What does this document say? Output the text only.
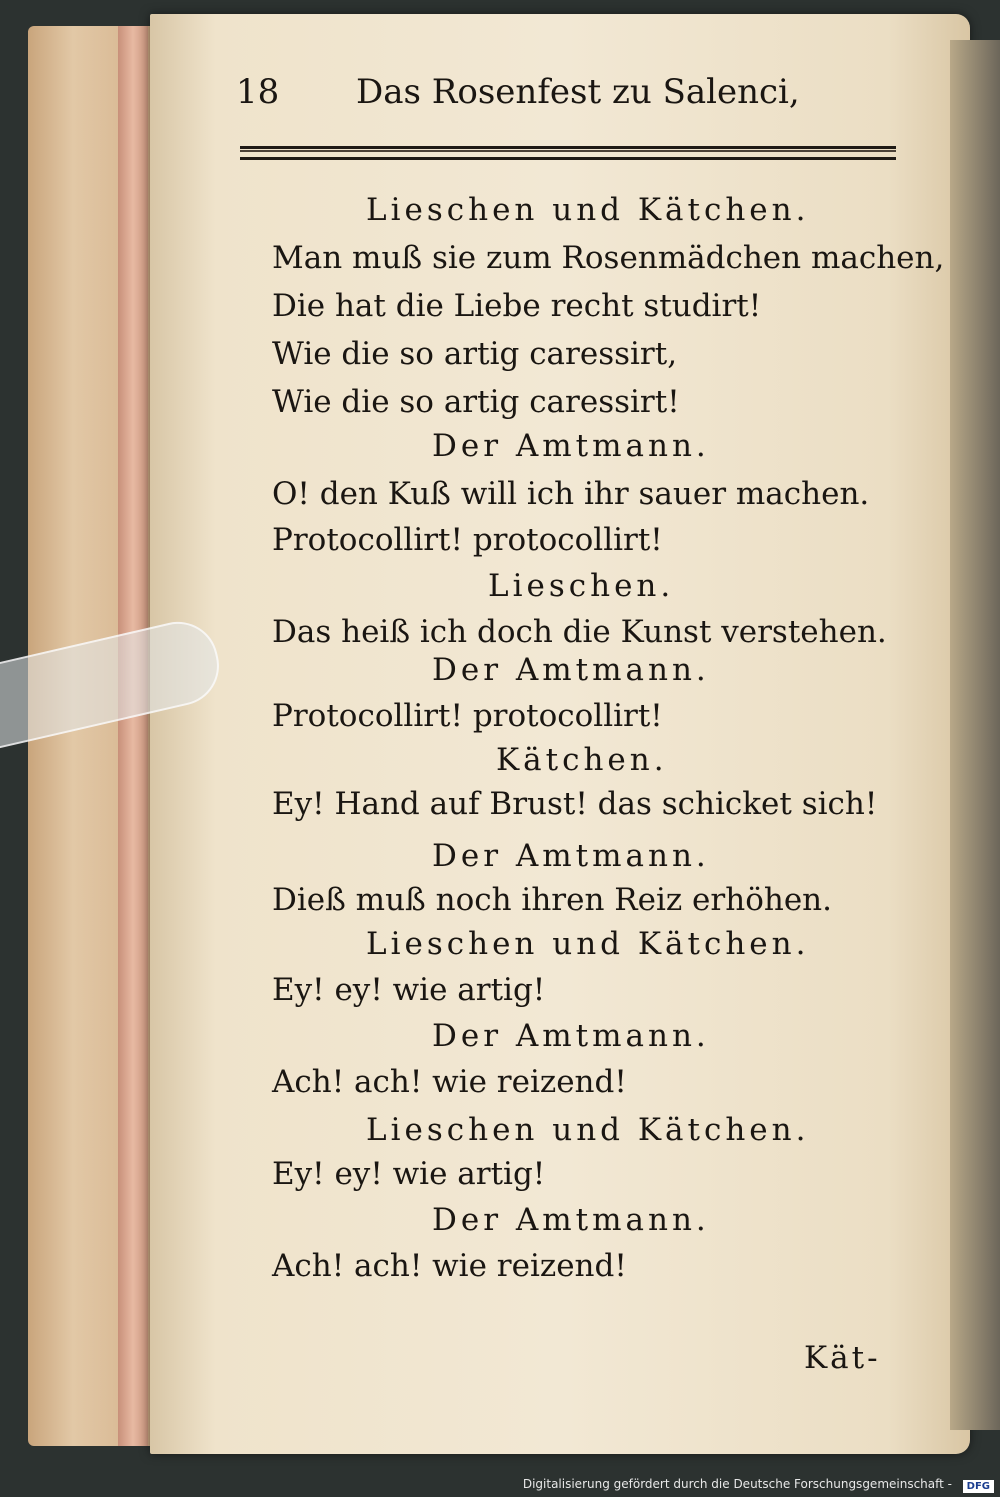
18 Das Rosenfest zu Salenci,
Lieschen und Kätchen.
Man muß sie zum Rosenmädchen machen,
Die hat die Liebe recht studirt!
Wie die so artig caressirt,
Wie die so artig caressirt!
Der Amtmann.
O! den Kuß will ich ihr sauer machen.
Protocollirt! protocollirt!
Lieschen.
Das heiß ich doch die Kunst verstehen.
Der Amtmann.
Protocollirt! protocollirt!
Kätchen.
Ey! Hand auf Brust! das schicket sich!
Der Amtmann.
Dieß muß noch ihren Reiz erhöhen.
Lieschen und Kätchen.
Ey! ey! wie artig!
Der Amtmann.
Ach! ach! wie reizend!
Lieschen und Kätchen.
Ey! ey! wie artig!
Der Amtmann.
Ach! ach! wie reizend!
Kät-
Digitalisierung gefördert durch die Deutsche Forschungsgemeinschaft -	DFG
